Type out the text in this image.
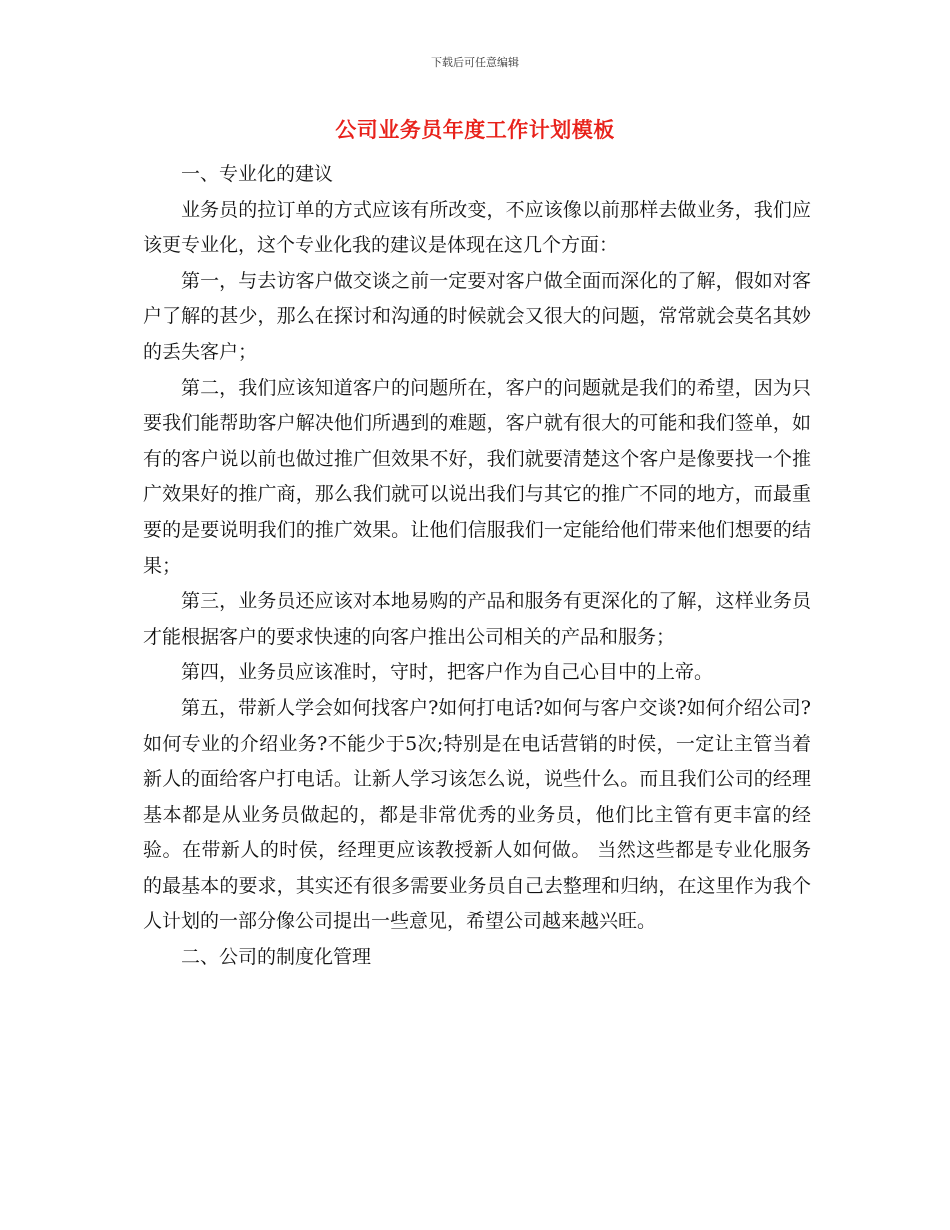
下载后可任意编辑
公司业务员年度工作计划模板

一、专业化的建议

业务员的拉订单的方式应该有所改变，不应该像以前那样去做业务，我们应该更专业化，这个专业化我的建议是体现在这几个方面：

第一，与去访客户做交谈之前一定要对客户做全面而深化的了解，假如对客户了解的甚少，那么在探讨和沟通的时候就会又很大的问题，常常就会莫名其妙的丢失客户；

第二，我们应该知道客户的问题所在，客户的问题就是我们的希望，因为只要我们能帮助客户解决他们所遇到的难题，客户就有很大的可能和我们签单，如有的客户说以前也做过推广但效果不好，我们就要清楚这个客户是像要找一个推广效果好的推广商，那么我们就可以说出我们与其它的推广不同的地方，而最重要的是要说明我们的推广效果。让他们信服我们一定能给他们带来他们想要的结果；

第三，业务员还应该对本地易购的产品和服务有更深化的了解，这样业务员才能根据客户的要求快速的向客户推出公司相关的产品和服务；

第四，业务员应该准时，守时，把客户作为自己心目中的上帝。

第五，带新人学会如何找客户?如何打电话?如何与客户交谈?如何介绍公司?如何专业的介绍业务?不能少于5次;特别是在电话营销的时侯，一定让主管当着新人的面给客户打电话。让新人学习该怎么说，说些什么。而且我们公司的经理基本都是从业务员做起的，都是非常优秀的业务员，他们比主管有更丰富的经验。在带新人的时侯，经理更应该教授新人如何做。 当然这些都是专业化服务的最基本的要求，其实还有很多需要业务员自己去整理和归纳，在这里作为我个人计划的一部分像公司提出一些意见，希望公司越来越兴旺。

二、公司的制度化管理
